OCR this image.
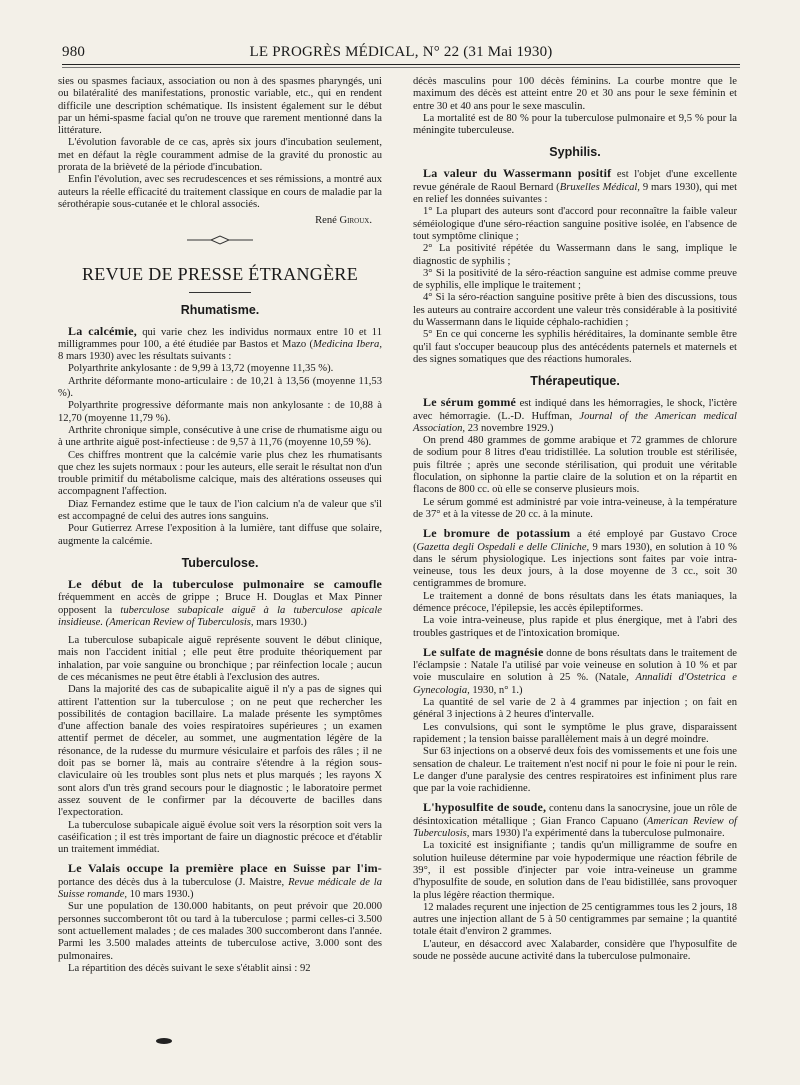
980	LE PROGRÈS MÉDICAL, N° 22 (31 Mai 1930)

sies ou spasmes faciaux, association ou non à des spasmes pharyngés, uni ou bilatéralité des manifestations, pronostic variable, etc., qui en rendent difficile une description schématique. Ils insistent également sur le début par un hémi-spasme facial qu'on ne trouve que rarement mentionné dans la littérature.

L'évolution favorable de ce cas, après six jours d'incubation seulement, met en défaut la règle couramment admise de la gravité du pronostic au prorata de la brièveté de la période d'incubation.

Enfin l'évolution, avec ses recrudescences et ses rémissions, a montré aux auteurs la réelle efficacité du traitement classique en cours de maladie par la sérothérapie sous-cutanée et le chloral associés.

René Giroux.
REVUE DE PRESSE ÉTRANGÈRE
Rhumatisme.

La calcémie, qui varie chez les individus normaux entre 10 et 11 milligrammes pour 100, a été étudiée par Bastos et Mazo (Medicina Ibera, 8 mars 1930) avec les résultats suivants :

Polyarthrite ankylosante : de 9,99 à 13,72 (moyenne 11,35 %).

Arthrite déformante mono-articulaire : de 10,21 à 13,56 (moyenne 11,53 %).

Polyarthrite progressive déformante mais non ankylosante : de 10,88 à 12,70 (moyenne 11,79 %).

Arthrite chronique simple, consécutive à une crise de rhumatisme aigu ou à une arthrite aiguë post-infectieuse : de 9,57 à 11,76 (moyenne 10,59 %).

Ces chiffres montrent que la calcémie varie plus chez les rhumatisants que chez les sujets normaux : pour les auteurs, elle serait le résultat non d'un trouble primitif du métabolisme calcique, mais des altérations osseuses qui accompagnent l'affection.

Diaz Fernandez estime que le taux de l'ion calcium n'a de valeur que s'il est accompagné de celui des autres ions sanguins.

Pour Gutierrez Arrese l'exposition à la lumière, tant diffuse que solaire, augmente la calcémie.

Tuberculose.

Le début de la tuberculose pulmonaire se camoufle fréquemment en accès de grippe ; Bruce H. Douglas et Max Pinner opposent la tuberculose subapicale aiguë à la tuberculose apicale insidieuse. (American Review of Tuberculosis, mars 1930.)

La tuberculose subapicale aiguë représente souvent le début clinique, mais non l'accident initial ; elle peut être produite théoriquement par inhalation, par voie sanguine ou bronchique ; par réinfection locale ; aucun de ces mécanismes ne peut être établi à l'exclusion des autres.

Dans la majorité des cas de subapicalite aiguë il n'y a pas de signes qui attirent l'attention sur la tuberculose ; on ne peut que rechercher les possibilités de contagion bacillaire. La malade présente les symptômes d'une affection banale des voies respiratoires supérieures ; un examen attentif permet de déceler, au sommet, une augmentation légère de la résonance, de la rudesse du murmure vésiculaire et parfois des râles ; il ne doit pas se borner là, mais au contraire s'étendre à la région sous-claviculaire où les troubles sont plus nets et plus marqués ; les rayons X sont alors d'un très grand secours pour le diagnostic ; le laboratoire permet assez souvent de le confirmer par la découverte de bacilles dans l'expectoration.

La tuberculose subapicale aiguë évolue soit vers la résorption soit vers la caséification ; il est très important de faire un diagnostic précoce et d'établir un traitement immédiat.

Le Valais occupe la première place en Suisse par l'im- portance des décès dus à la tuberculose (J. Maistre, Revue médicale de la Suisse romande, 10 mars 1930.)

Sur une population de 130.000 habitants, on peut prévoir que 20.000 personnes succomberont tôt ou tard à la tuberculose ; parmi celles-ci 3.500 sont actuellement malades ; de ces malades 300 succomberont dans l'année. Parmi les 3.500 malades atteints de tuberculose active, 3.000 sont des pulmonaires.

La répartition des décès suivant le sexe s'établit ainsi : 92

décès masculins pour 100 décès féminins. La courbe montre que le maximum des décès est atteint entre 20 et 30 ans pour le sexe féminin et entre 30 et 40 ans pour le sexe masculin.

La mortalité est de 80 % pour la tuberculose pulmonaire et 9,5 % pour la méningite tuberculeuse.

Syphilis.

La valeur du Wassermann positif est l'objet d'une excellente revue générale de Raoul Bernard (Bruxelles Médical, 9 mars 1930), qui met en relief les données suivantes :

1° La plupart des auteurs sont d'accord pour reconnaître la faible valeur séméiologique d'une séro-réaction sanguine positive isolée, en l'absence de tout symptôme clinique ;

2° La positivité répétée du Wassermann dans le sang, implique le diagnostic de syphilis ;

3° Si la positivité de la séro-réaction sanguine est admise comme preuve de syphilis, elle implique le traitement ;

4° Si la séro-réaction sanguine positive prête à bien des discussions, tous les auteurs au contraire accordent une valeur très considérable à la positivité du Wassermann dans le liquide céphalo-rachidien ;

5° En ce qui concerne les syphilis héréditaires, la dominante semble être qu'il faut s'occuper beaucoup plus des antécédents paternels et maternels et des signes somatiques que des réactions humorales.

Thérapeutique.

Le sérum gommé est indiqué dans les hémorragies, le shock, l'ictère avec hémorragie. (L.-D. Huffman, Journal of the American medical Association, 23 novembre 1929.)

On prend 480 grammes de gomme arabique et 72 grammes de chlorure de sodium pour 8 litres d'eau tridistillée. La solution trouble est stérilisée, puis filtrée ; après une seconde stérilisation, qui produit une véritable floculation, on siphonne la partie claire de la solution et on la répartit en flacons de 800 cc. où elle se conserve plusieurs mois.

Le sérum gommé est administré par voie intra-veineuse, à la température de 37° et à la vitesse de 20 cc. à la minute.

Le bromure de potassium a été employé par Gustavo Croce (Gazetta degli Ospedali e delle Cliniche, 9 mars 1930), en solution à 10 % dans le sérum physiologique. Les injections sont faites par voie intra-veineuse, tous les deux jours, à la dose moyenne de 3 cc., soit 30 centigrammes de bromure.

Le traitement a donné de bons résultats dans les états maniaques, la démence précoce, l'épilepsie, les accès épileptiformes.

La voie intra-veineuse, plus rapide et plus énergique, met à l'abri des troubles gastriques et de l'intoxication bromique.

Le sulfate de magnésie donne de bons résultats dans le traitement de l'éclampsie : Natale l'a utilisé par voie veineuse en solution à 10 % et par voie musculaire en solution à 25 %. (Natale, Annalidi d'Ostetrica e Gynecologia, 1930, n° 1.)

La quantité de sel varie de 2 à 4 grammes par injection ; on fait en général 3 injections à 2 heures d'intervalle.

Les convulsions, qui sont le symptôme le plus grave, disparaissent rapidement ; la tension baisse parallèlement mais à un degré moindre.

Sur 63 injections on a observé deux fois des vomissements et une fois une sensation de chaleur. Le traitement n'est nocif ni pour le foie ni pour le rein. Le danger d'une paralysie des centres respiratoires est infiniment plus rare que par la voie rachidienne.

L'hyposulfite de soude, contenu dans la sanocrysine, joue un rôle de désintoxication métallique ; Gian Franco Capuano (American Review of Tuberculosis, mars 1930) l'a expérimenté dans la tuberculose pulmonaire.

La toxicité est insignifiante ; tandis qu'un milligramme de soufre en solution huileuse détermine par voie hypodermique une réaction fébrile de 39°, il est possible d'injecter par voie intra-veineuse un gramme d'hyposulfite de soude, en solution dans de l'eau bidistillée, sans provoquer la plus légère réaction thermique.

12 malades reçurent une injection de 25 centigrammes tous les 2 jours, 18 autres une injection allant de 5 à 50 centigrammes par semaine ; la quantité totale était d'environ 2 grammes.

L'auteur, en désaccord avec Xalabarder, considère que l'hyposulfite de soude ne possède aucune activité dans la tuberculose pulmonaire.
